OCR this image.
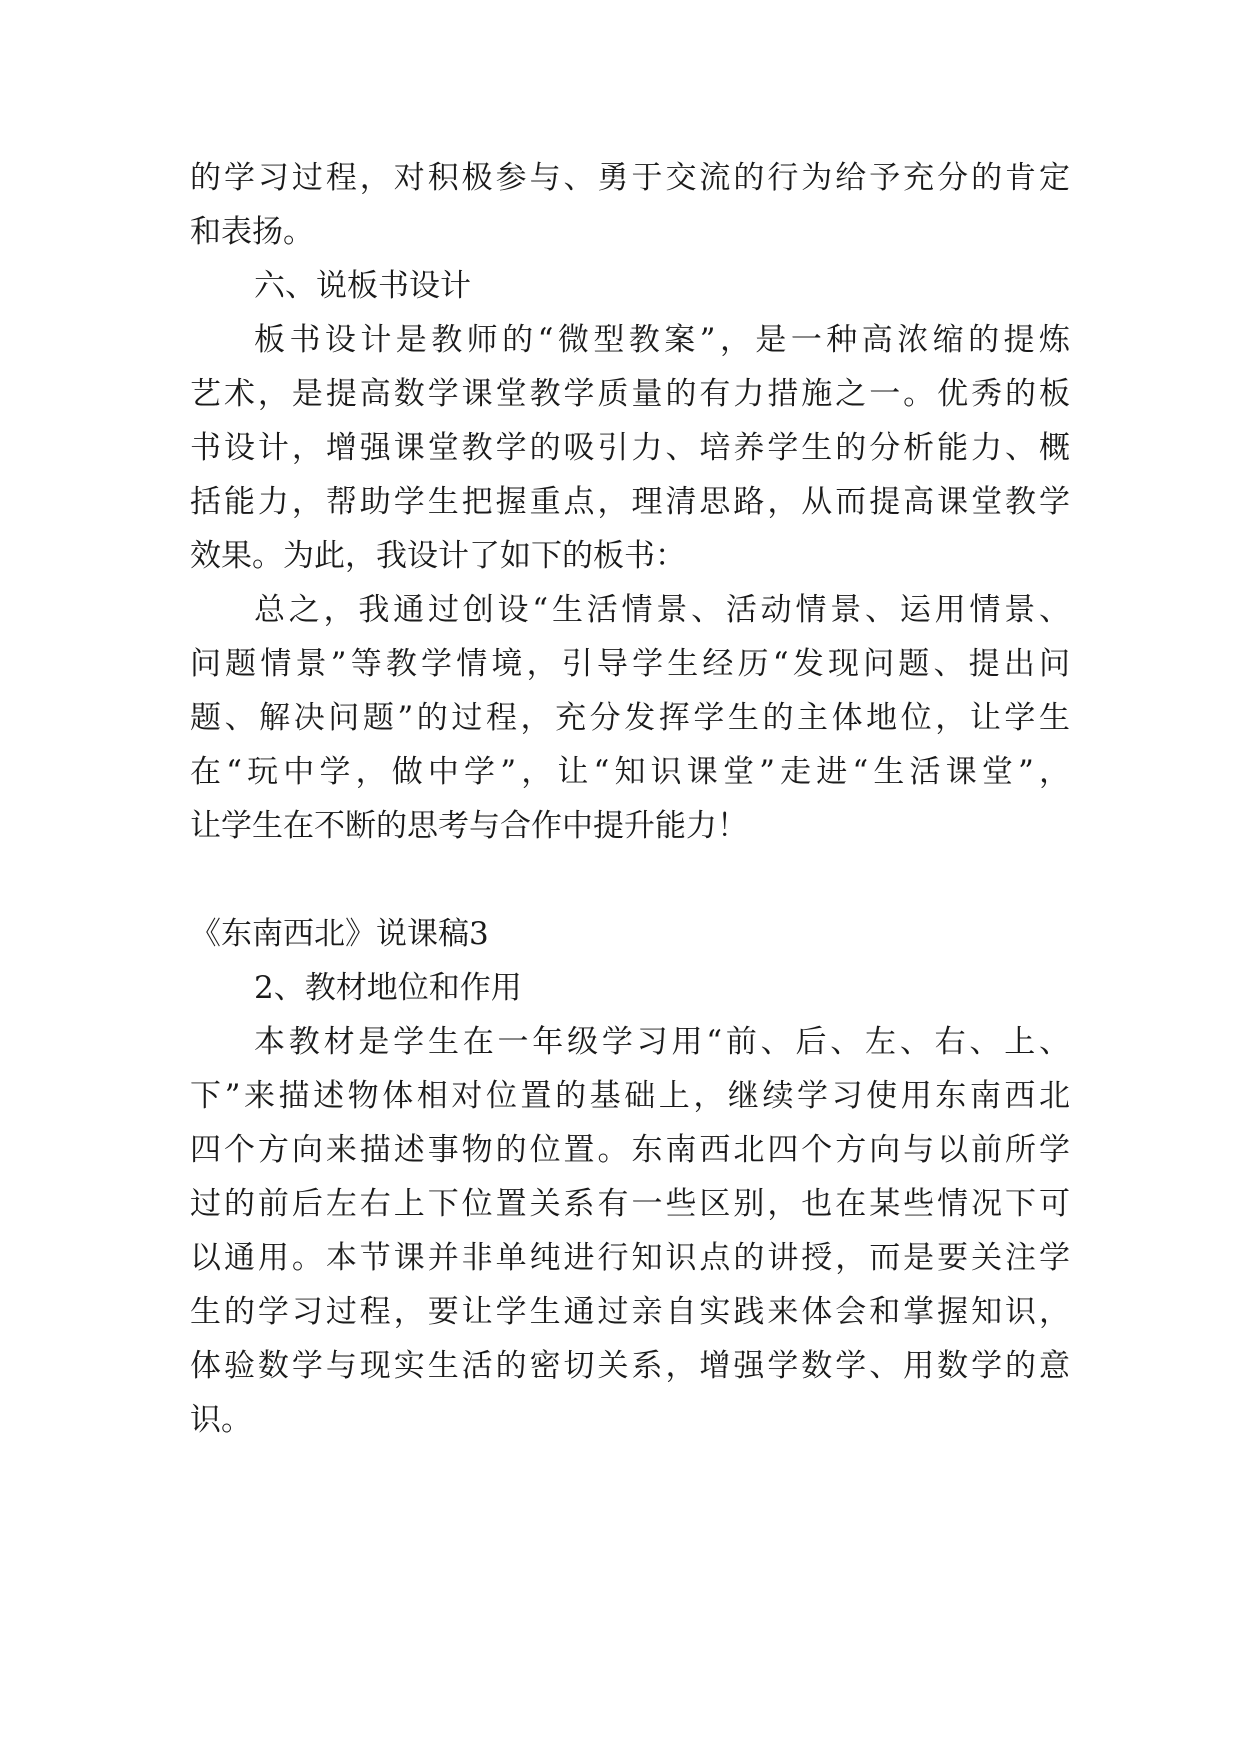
的学习过程，对积极参与、勇于交流的行为给予充分的肯定
和表扬。
六、说板书设计
板书设计是教师的“微型教案”，是一种高浓缩的提炼
艺术，是提高数学课堂教学质量的有力措施之一。优秀的板
书设计，增强课堂教学的吸引力、培养学生的分析能力、概
括能力，帮助学生把握重点，理清思路，从而提高课堂教学
效果。为此，我设计了如下的板书：
总之，我通过创设“生活情景、活动情景、运用情景、
问题情景”等教学情境，引导学生经历“发现问题、提出问
题、解决问题”的过程，充分发挥学生的主体地位，让学生
在“玩中学，做中学”，让“知识课堂”走进“生活课堂”，
让学生在不断的思考与合作中提升能力！
《东南西北》说课稿3
2、教材地位和作用
本教材是学生在一年级学习用“前、后、左、右、上、
下”来描述物体相对位置的基础上，继续学习使用东南西北
四个方向来描述事物的位置。东南西北四个方向与以前所学
过的前后左右上下位置关系有一些区别，也在某些情况下可
以通用。本节课并非单纯进行知识点的讲授，而是要关注学
生的学习过程，要让学生通过亲自实践来体会和掌握知识，
体验数学与现实生活的密切关系，增强学数学、用数学的意
识。
